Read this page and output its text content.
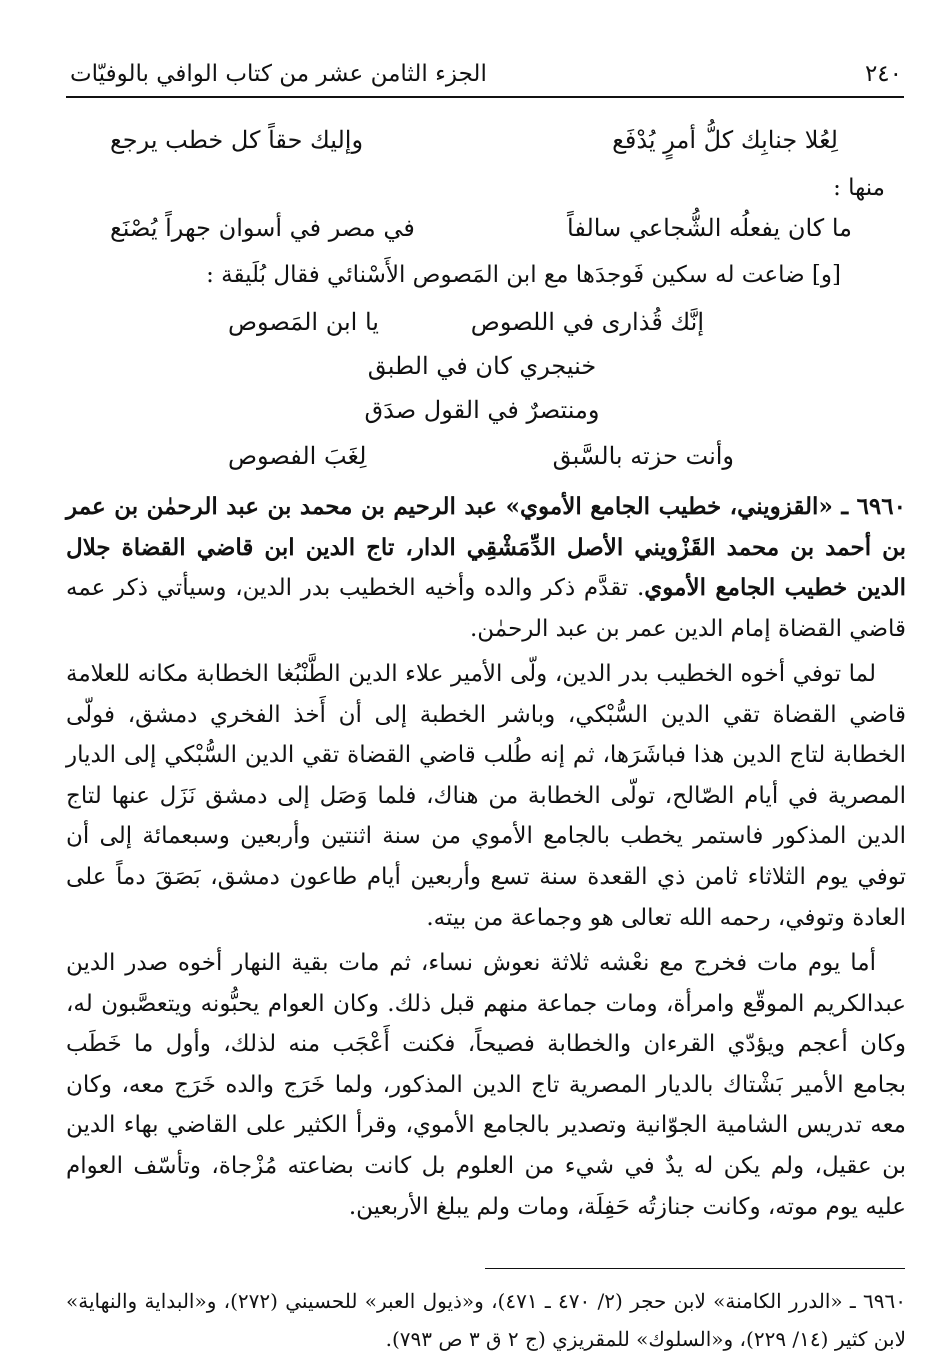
٢٤٠
الجزء الثامن عشر من كتاب الوافي بالوفيّات
لِعُلا جنابِك كلُّ أمرٍ يُدْفَع
وإليك حقاً كل خطب يرجع
منها :
ما كان يفعلُه الشُّجاعي سالفاً
في مصر في أسوان جهراً يُصْنَع
[و] ضاعت له سكين فَوجدَها مع ابن المَصوص الأَسْنائي فقال بُلَيقة :
إنَّك قُذارى في اللصوص
يا ابن المَصوص
خنيجري كان في الطبق
ومنتصرٌ في القول صدَق
وأنت حزته بالسَّبق
لِغَبَ الفصوص
٦٩٦٠ ـ «القزويني، خطيب الجامع الأموي» عبد الرحيم بن محمد بن عبد الرحمٰن بن عمر بن أحمد بن محمد القَزْويني الأصل الدِّمَشْقِي الدار، تاج الدين ابن قاضي القضاة جلال الدين خطيب الجامع الأموي. تقدَّم ذكر والده وأخيه الخطيب بدر الدين، وسيأتي ذكر عمه قاضي القضاة إمام الدين عمر بن عبد الرحمٰن.
لما توفي أخوه الخطيب بدر الدين، ولّى الأمير علاء الدين الطَّنْبُغا الخطابة مكانه للعلامة قاضي القضاة تقي الدين السُّبْكي، وباشر الخطبة إلى أن أَخذ الفخري دمشق، فولّى الخطابة لتاج الدين هذا فباشَرَها، ثم إنه طُلب قاضي القضاة تقي الدين السُّبْكي إلى الديار المصرية في أيام الصّالح، تولّى الخطابة من هناك، فلما وَصَل إلى دمشق نَزَل عنها لتاج الدين المذكور فاستمر يخطب بالجامع الأموي من سنة اثنتين وأربعين وسبعمائة إلى أن توفي يوم الثلاثاء ثامن ذي القعدة سنة تسع وأربعين أيام طاعون دمشق، بَصَقَ دماً على العادة وتوفي، رحمه الله تعالى هو وجماعة من بيته.
أما يوم مات فخرج مع نعْشه ثلاثة نعوش نساء، ثم مات بقية النهار أخوه صدر الدين عبدالكريم الموقّع وامرأة، ومات جماعة منهم قبل ذلك. وكان العوام يحبُّونه ويتعصَّبون له، وكان أعجم ويؤدّي القرءان والخطابة فصيحاً، فكنت أَعْجَب منه لذلك، وأول ما خَطَب بجامع الأمير بَشْتاك بالديار المصرية تاج الدين المذكور، ولما خَرَج والده خَرَج معه، وكان معه تدريس الشامية الجوّانية وتصدير بالجامع الأموي، وقرأ الكثير على القاضي بهاء الدين بن عقيل، ولم يكن له يدٌ في شيء من العلوم بل كانت بضاعته مُزْجاة، وتأسّف العوام عليه يوم موته، وكانت جنازتُه حَفِلَة، ومات ولم يبلغ الأربعين.
٦٩٦٠ ـ «الدرر الكامنة» لابن حجر (٢/ ٤٧٠ ـ ٤٧١)، و«ذيول العبر» للحسيني (٢٧٢)، و«البداية والنهاية» لابن كثير (١٤/ ٢٢٩)، و«السلوك» للمقريزي (ج ٢ ق ٣ ص ٧٩٣).
